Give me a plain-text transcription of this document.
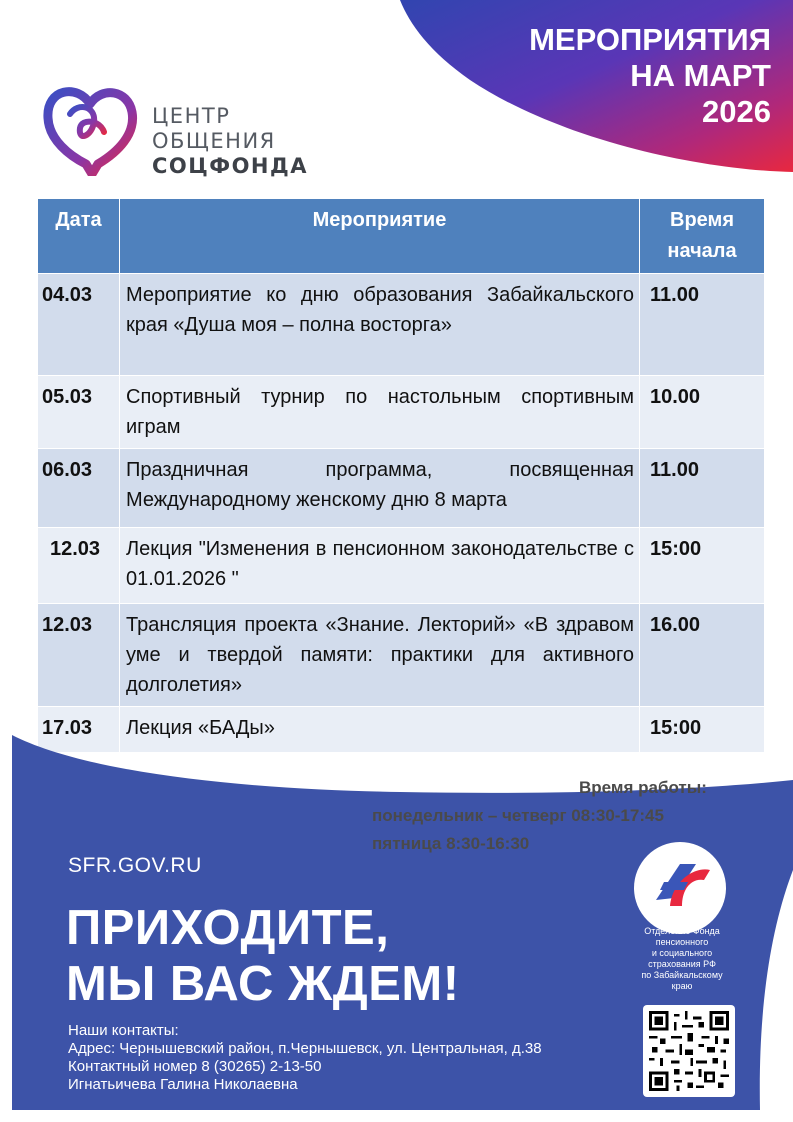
МЕРОПРИЯТИЯ
НА МАРТ
2026
ЦЕНТР
ОБЩЕНИЯ
СОЦФОНДА
Дата	Мероприятие	Время начала
04.03	Мероприятие ко дню образования Забайкальского края «Душа моя – полна восторга»	11.00
05.03	Спортивный турнир по настольным спортивным играм	10.00
06.03	Праздничная программа, посвященная Международному женскому дню 8 марта	11.00
12.03	Лекция "Изменения в пенсионном законодательстве с 01.01.2026 "	15:00
12.03	Трансляция проекта «Знание. Лекторий» «В здравом уме и твердой памяти: практики для активного долголетия»	16.00
17.03	Лекция «БАДы»	15:00
Время работы:
понедельник – четверг 08:30-17:45
пятница 8:30-16:30
SFR.GOV.RU
ПРИХОДИТЕ,
МЫ ВАС ЖДЕМ!
Наши контакты:
Адрес: Чернышевский район, п.Чернышевск, ул. Центральная, д.38
Контактный номер 8 (30265) 2-13-50
Игнатьичева Галина Николаевна
Отделение Фонда
пенсионного
и социального
страхования РФ
по Забайкальскому
краю
